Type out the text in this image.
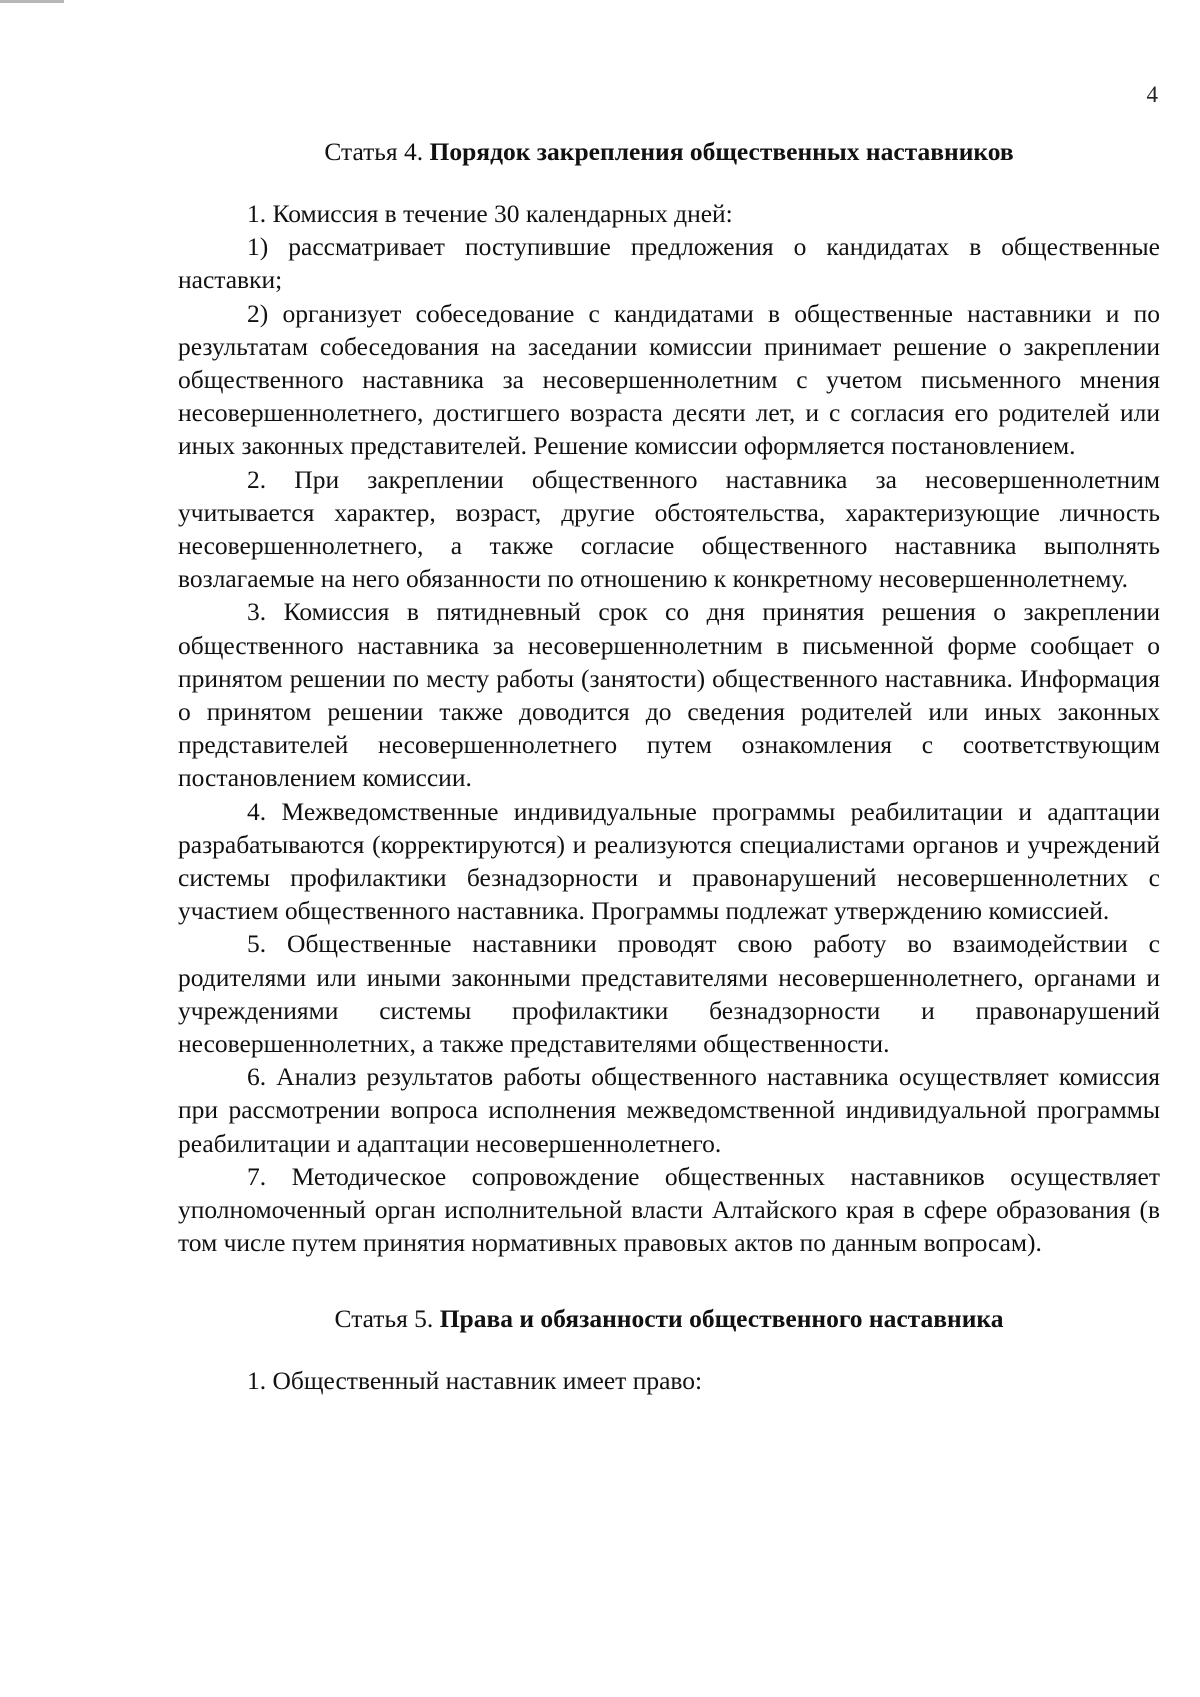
4
Статья 4. Порядок закрепления общественных наставников

1. Комиссия в течение 30 календарных дней:

1) рассматривает поступившие предложения о кандидатах в общественные наставки;

2) организует собеседование с кандидатами в общественные наставники и по результатам собеседования на заседании комиссии принимает решение о закреплении общественного наставника за несовершеннолетним с учетом письменного мнения несовершеннолетнего, достигшего возраста десяти лет, и с согласия его родителей или иных законных представителей. Решение комиссии оформляется постановлением.

2. При закреплении общественного наставника за несовершеннолетним учитывается характер, возраст, другие обстоятельства, характеризующие личность несовершеннолетнего, а также согласие общественного наставника выполнять возлагаемые на него обязанности по отношению к конкретному несовершеннолетнему.

3. Комиссия в пятидневный срок со дня принятия решения о закреплении общественного наставника за несовершеннолетним в письменной форме сообщает о принятом решении по месту работы (занятости) общественного наставника. Информация о принятом решении также доводится до сведения родителей или иных законных представителей несовершеннолетнего путем ознакомления с соответствующим постановлением комиссии.

4. Межведомственные индивидуальные программы реабилитации и адаптации разрабатываются (корректируются) и реализуются специалистами органов и учреждений системы профилактики безнадзорности и правонарушений несовершеннолетних с участием общественного наставника. Программы подлежат утверждению комиссией.

5. Общественные наставники проводят свою работу во взаимодействии с родителями или иными законными представителями несовершеннолетнего, органами и учреждениями системы профилактики безнадзорности и правонарушений несовершеннолетних, а также представителями общественности.

6. Анализ результатов работы общественного наставника осуществляет комиссия при рассмотрении вопроса исполнения межведомственной индивидуальной программы реабилитации и адаптации несовершеннолетнего.

7. Методическое сопровождение общественных наставников осуществляет уполномоченный орган исполнительной власти Алтайского края в сфере образования (в том числе путем принятия нормативных правовых актов по данным вопросам).

Статья 5. Права и обязанности общественного наставника

1. Общественный наставник имеет право:
